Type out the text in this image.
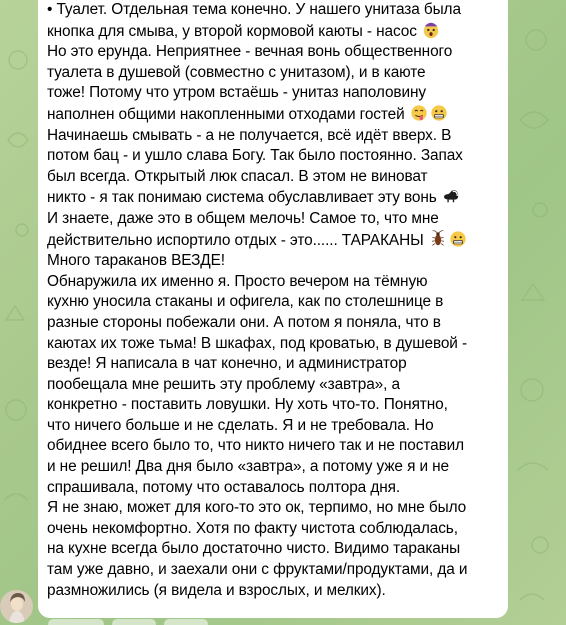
• Туалет. Отдельная тема конечно. У нашего унитаза была
кнопка для смыва, у второй кормовой каюты - насос
Но это ерунда. Неприятнее - вечная вонь общественного
туалета в душевой (совместно с унитазом), и в каюте
тоже! Потому что утром встаёшь - унитаз наполовину
наполнен общими накопленными отходами гостей
Начинаешь смывать - а не получается, всё идёт вверх. В
потом бац - и ушло слава Богу. Так было постоянно. Запах
был всегда. Открытый люк спасал. В этом не виноват
никто - я так понимаю система обуславливает эту вонь
И знаете, даже это в общем мелочь! Самое то, что мне
действительно испортило отдых - это...... ТАРАКАНЫ
Много тараканов ВЕЗДЕ!
Обнаружила их именно я. Просто вечером на тёмную
кухню уносила стаканы и офигела, как по столешнице в
разные стороны побежали они. А потом я поняла, что в
каютах их тоже тьма! В шкафах, под кроватью, в душевой -
везде! Я написала в чат конечно, и администратор
пообещала мне решить эту проблему «завтра», а
конкретно - поставить ловушки. Ну хоть что-то. Понятно,
что ничего больше и не сделать. Я и не требовала. Но
обиднее всего было то, что никто ничего так и не поставил
и не решил! Два дня было «завтра», а потому уже я и не
спрашивала, потому что оставалось полтора дня.
Я не знаю, может для кого-то это ок, терпимо, но мне было
очень некомфортно. Хотя по факту чистота соблюдалась,
на кухне всегда было достаточно чисто. Видимо тараканы
там уже давно, и заехали они с фруктами/продуктами, да и
размножились (я видела и взрослых, и мелких).
